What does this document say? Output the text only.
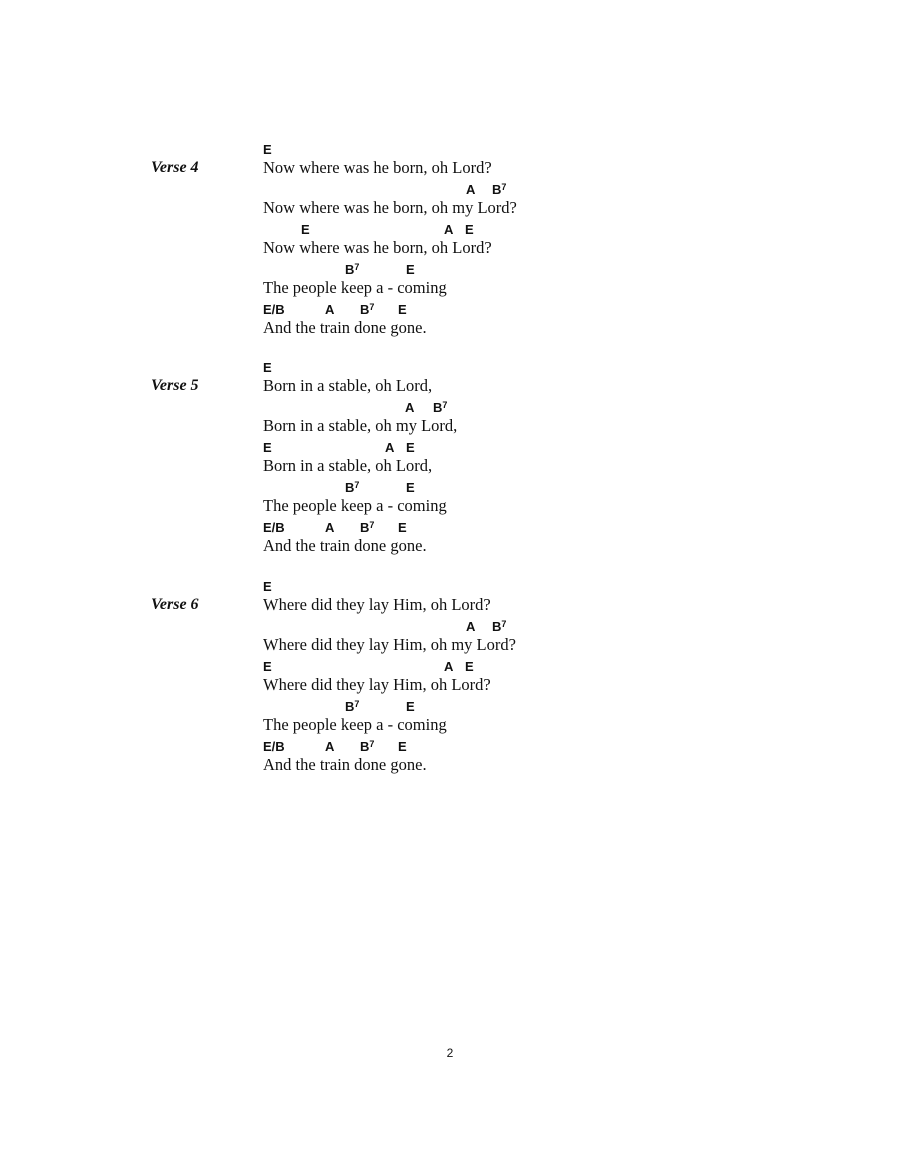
Verse 4
E
Now where was he born, oh Lord?
A $B^7$
Now where was he born, oh my Lord?
E	A E
Now where was he born, oh Lord?
$B^7$	E
The people keep a - coming
E/B	A $B^7$ E
And the train done gone.
Verse 5
E
Born in a stable, oh Lord,
A $B^7$
Born in a stable, oh my Lord,
E	A E
Born in a stable, oh Lord,
$B^7$	E
The people keep a - coming
E/B	A $B^7$ E
And the train done gone.
Verse 6
E
Where did they lay Him, oh Lord?
A $B^7$
Where did they lay Him, oh my Lord?
E	A E
Where did they lay Him, oh Lord?
$B^7$	E
The people keep a - coming
E/B	A $B^7$ E
And the train done gone.
2
